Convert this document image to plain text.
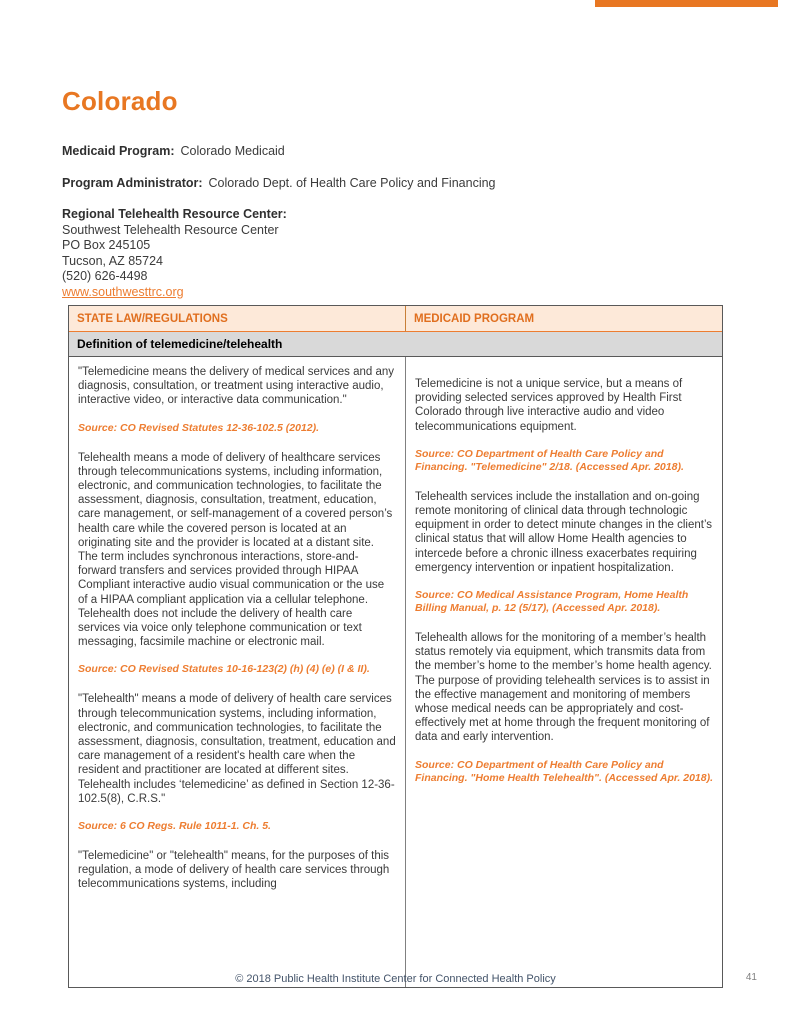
Colorado
Medicaid Program: Colorado Medicaid
Program Administrator: Colorado Dept. of Health Care Policy and Financing
Regional Telehealth Resource Center:
Southwest Telehealth Resource Center
PO Box 245105
Tucson, AZ 85724
(520) 626-4498
www.southwesttrc.org
STATE LAW/REGULATIONS	MEDICAID PROGRAM
Definition of telemedicine/telehealth
"Telemedicine means the delivery of medical services and any diagnosis, consultation, or treatment using interactive audio, interactive video, or interactive data communication."
Source: CO Revised Statutes 12-36-102.5 (2012).
Telehealth means a mode of delivery of healthcare services through telecommunications systems, including information, electronic, and communication technologies, to facilitate the assessment, diagnosis, consultation, treatment, education, care management, or self-management of a covered person’s health care while the covered person is located at an originating site and the provider is located at a distant site. The term includes synchronous interactions, store-and-forward transfers and services provided through HIPAA Compliant interactive audio visual communication or the use of a HIPAA compliant application via a cellular telephone. Telehealth does not include the delivery of health care services via voice only telephone communication or text messaging, facsimile machine or electronic mail.
Source: CO Revised Statutes 10-16-123(2) (h) (4) (e) (I & II).
"Telehealth" means a mode of delivery of health care services through telecommunication systems, including information, electronic, and communication technologies, to facilitate the assessment, diagnosis, consultation, treatment, education and care management of a resident's health care when the resident and practitioner are located at different sites. Telehealth includes ‘telemedicine’ as defined in Section 12-36-102.5(8), C.R.S."
Source: 6 CO Regs. Rule 1011-1. Ch. 5.
"Telemedicine" or "telehealth" means, for the purposes of this regulation, a mode of delivery of health care services through telecommunications systems, including
Telemedicine is not a unique service, but a means of providing selected services approved by Health First Colorado through live interactive audio and video telecommunications equipment.
Source: CO Department of Health Care Policy and Financing. "Telemedicine" 2/18. (Accessed Apr. 2018).
Telehealth services include the installation and on-going remote monitoring of clinical data through technologic equipment in order to detect minute changes in the client’s clinical status that will allow Home Health agencies to intercede before a chronic illness exacerbates requiring emergency intervention or inpatient hospitalization.
Source: CO Medical Assistance Program, Home Health Billing Manual, p. 12 (5/17), (Accessed Apr. 2018).
Telehealth allows for the monitoring of a member’s health status remotely via equipment, which transmits data from the member’s home to the member’s home health agency. The purpose of providing telehealth services is to assist in the effective management and monitoring of members whose medical needs can be appropriately and cost-effectively met at home through the frequent monitoring of data and early intervention.
Source: CO Department of Health Care Policy and Financing. "Home Health Telehealth". (Accessed Apr. 2018).
© 2018 Public Health Institute Center for Connected Health Policy	41
